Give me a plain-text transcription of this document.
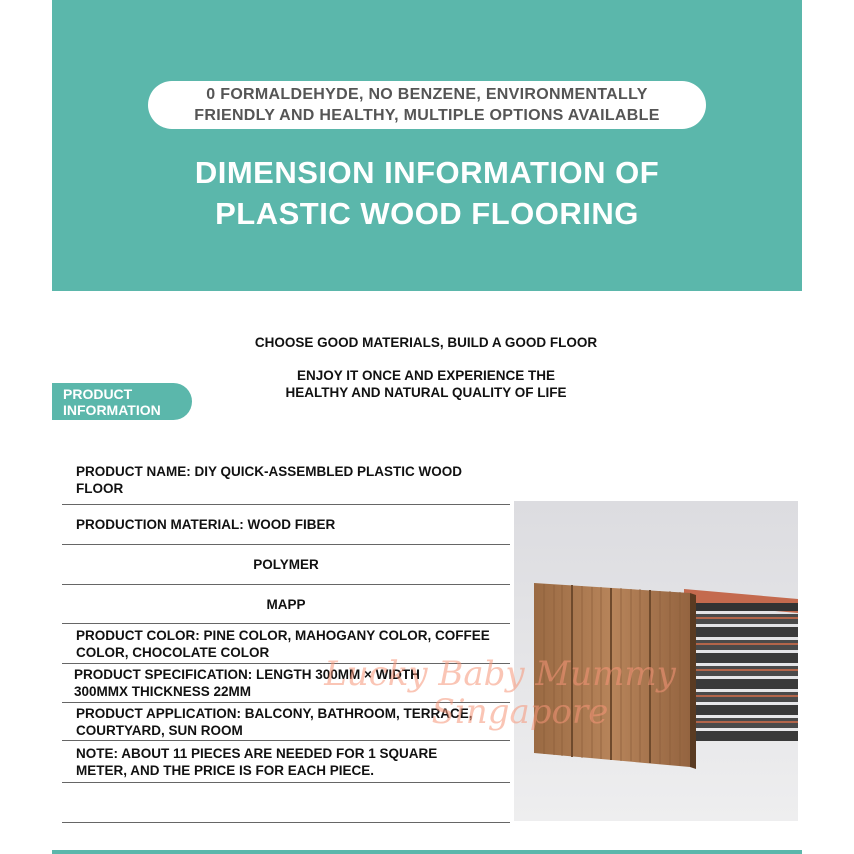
0 FORMALDEHYDE, NO BENZENE, ENVIRONMENTALLY
FRIENDLY AND HEALTHY, MULTIPLE OPTIONS AVAILABLE
DIMENSION INFORMATION OF
PLASTIC WOOD FLOORING
CHOOSE GOOD MATERIALS, BUILD A GOOD FLOOR
ENJOY IT ONCE AND EXPERIENCE THE
HEALTHY AND NATURAL QUALITY OF LIFE
PRODUCT
INFORMATION
PRODUCT NAME: DIY QUICK-ASSEMBLED PLASTIC WOOD FLOOR
PRODUCTION MATERIAL: WOOD FIBER
POLYMER
MAPP
PRODUCT COLOR: PINE COLOR, MAHOGANY COLOR, COFFEE COLOR, CHOCOLATE COLOR
PRODUCT SPECIFICATION: LENGTH 300MM × WIDTH 300MMX THICKNESS 22MM
PRODUCT APPLICATION: BALCONY, BATHROOM, TERRACE, COURTYARD, SUN ROOM
NOTE: ABOUT 11 PIECES ARE NEEDED FOR 1 SQUARE METER, AND THE PRICE IS FOR EACH PIECE.
Lucky Baby Mummy
Singapore
